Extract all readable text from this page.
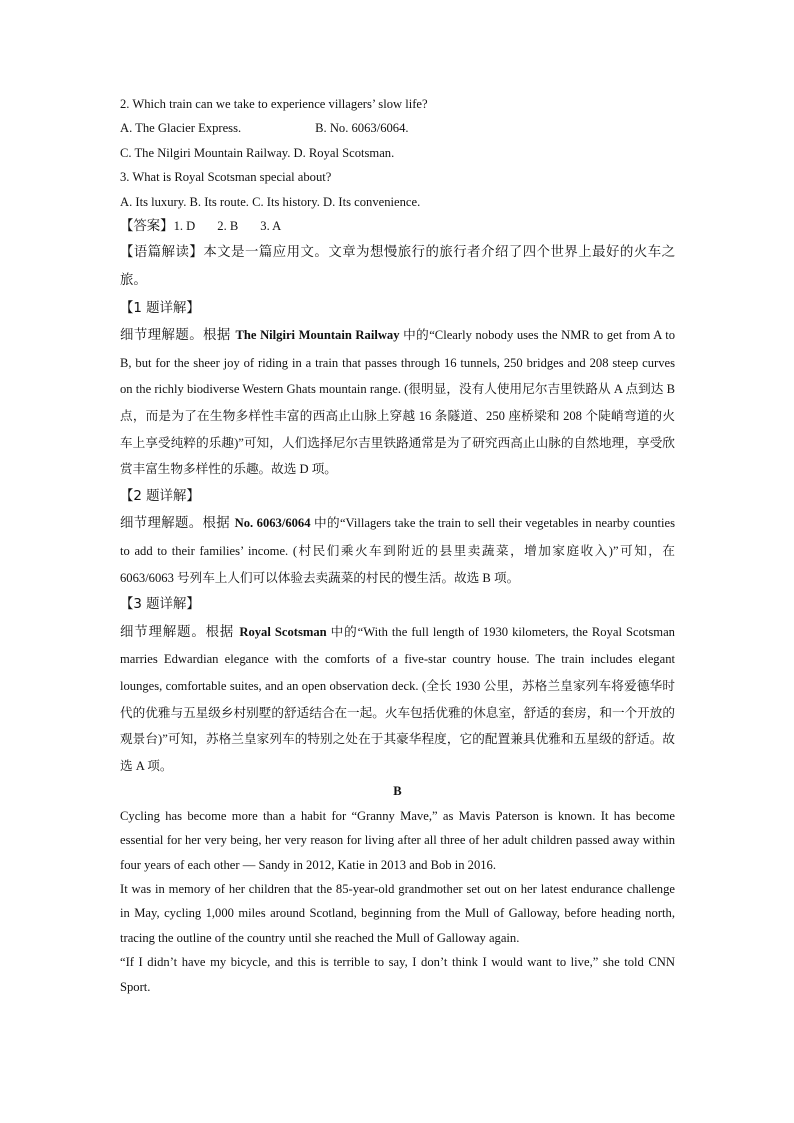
2. Which train can we take to experience villagers’ slow life?

A. The Glacier Express.	B. No. 6063/6064.

C. The Nilgiri Mountain Railway. D. Royal Scotsman.

3. What is Royal Scotsman special about?

A. Its luxury. B. Its route. C. Its history. D. Its convenience.

【答案】1. D 2. B 3. A

【语篇解读】本文是一篇应用文。文章为想慢旅行的旅行者介绍了四个世界上最好的火车之旅。

【1 题详解】

细节理解题。根据 The Nilgiri Mountain Railway 中的“Clearly nobody uses the NMR to get from A to B, but for the sheer joy of riding in a train that passes through 16 tunnels, 250 bridges and 208 steep curves on the richly biodiverse Western Ghats mountain range. (很明显，没有人使用尼尔吉里铁路从 A 点到达 B 点，而是为了在生物多样性丰富的西高止山脉上穿越 16 条隧道、250 座桥梁和 208 个陡峭弯道的火车上享受纯粹的乐趣)”可知，人们选择尼尔吉里铁路通常是为了研究西高止山脉的自然地理，享受欣赏丰富生物多样性的乐趣。故选 D 项。

【2 题详解】

细节理解题。根据 No. 6063/6064 中的“Villagers take the train to sell their vegetables in nearby counties to add to their families’ income. (村民们乘火车到附近的县里卖蔬菜，增加家庭收入)”可知，在 6063/6063 号列车上人们可以体验去卖蔬菜的村民的慢生活。故选 B 项。

【3 题详解】

细节理解题。根据 Royal Scotsman 中的“With the full length of 1930 kilometers, the Royal Scotsman marries Edwardian elegance with the comforts of a five-star country house. The train includes elegant lounges, comfortable suites, and an open observation deck. (全长 1930 公里，苏格兰皇家列车将爱德华时代的优雅与五星级乡村别墅的舒适结合在一起。火车包括优雅的休息室，舒适的套房，和一个开放的观景台)”可知，苏格兰皇家列车的特别之处在于其豪华程度，它的配置兼具优雅和五星级的舒适。故选 A 项。

B

Cycling has become more than a habit for “Granny Mave,” as Mavis Paterson is known. It has become essential for her very being, her very reason for living after all three of her adult children passed away within four years of each other — Sandy in 2012, Katie in 2013 and Bob in 2016.

It was in memory of her children that the 85-year-old grandmother set out on her latest endurance challenge in May, cycling 1,000 miles around Scotland, beginning from the Mull of Galloway, before heading north, tracing the outline of the country until she reached the Mull of Galloway again.

“If I didn’t have my bicycle, and this is terrible to say, I don’t think I would want to live,” she told CNN Sport.
